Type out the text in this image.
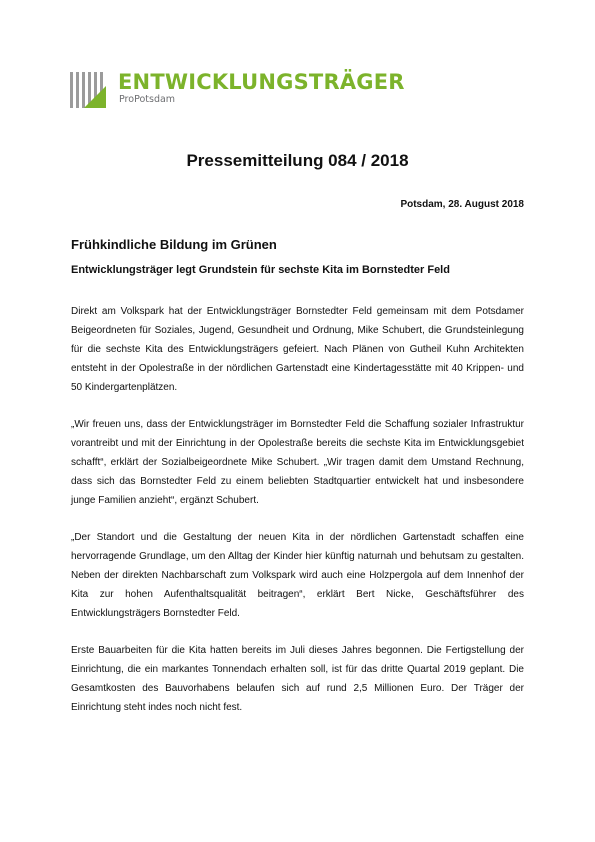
ENTWICKLUNGSTRÄGER
ProPotsdam
Pressemitteilung 084 / 2018
Potsdam, 28. August 2018
Frühkindliche Bildung im Grünen
Entwicklungsträger legt Grundstein für sechste Kita im Bornstedter Feld

Direkt am Volkspark hat der Entwicklungsträger Bornstedter Feld gemeinsam mit dem Potsdamer Beigeordneten für Soziales, Jugend, Gesundheit und Ordnung, Mike Schubert, die Grundsteinlegung für die sechste Kita des Entwicklungsträgers gefeiert. Nach Plänen von Gutheil Kuhn Architekten entsteht in der Opolestraße in der nördlichen Gartenstadt eine Kindertagesstätte mit 40 Krippen- und 50 Kindergartenplätzen.

„Wir freuen uns, dass der Entwicklungsträger im Bornstedter Feld die Schaffung sozialer Infrastruktur vorantreibt und mit der Einrichtung in der Opolestraße bereits die sechste Kita im Entwicklungsgebiet schafft“, erklärt der Sozialbeigeordnete Mike Schubert. „Wir tragen damit dem Umstand Rechnung, dass sich das Bornstedter Feld zu einem beliebten Stadtquartier entwickelt hat und insbesondere junge Familien anzieht“, ergänzt Schubert.

„Der Standort und die Gestaltung der neuen Kita in der nördlichen Gartenstadt schaffen eine hervorragende Grundlage, um den Alltag der Kinder hier künftig naturnah und behutsam zu gestalten. Neben der direkten Nachbarschaft zum Volkspark wird auch eine Holzpergola auf dem Innenhof der Kita zur hohen Aufenthaltsqualität beitragen“, erklärt Bert Nicke, Geschäftsführer des Entwicklungsträgers Bornstedter Feld.

Erste Bauarbeiten für die Kita hatten bereits im Juli dieses Jahres begonnen. Die Fertigstellung der Einrichtung, die ein markantes Tonnendach erhalten soll, ist für das dritte Quartal 2019 geplant. Die Gesamtkosten des Bauvorhabens belaufen sich auf rund 2,5 Millionen Euro. Der Träger der Einrichtung steht indes noch nicht fest.
